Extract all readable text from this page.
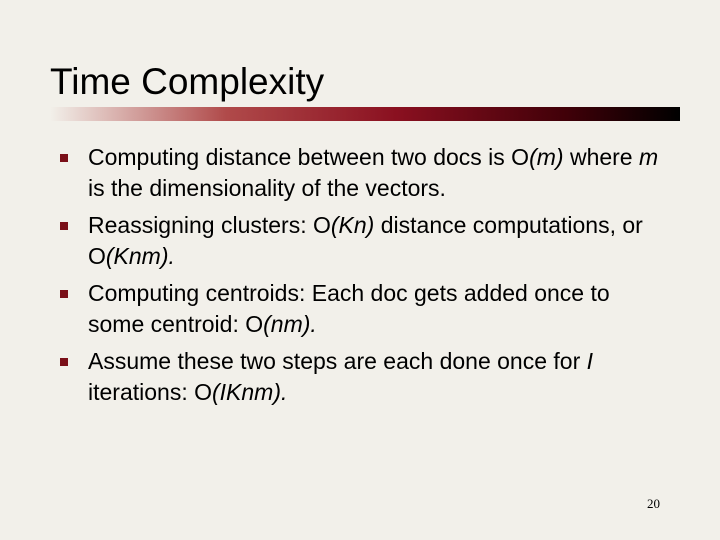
Time Complexity
Computing distance between two docs is O(m) where m is the dimensionality of the vectors.
Reassigning clusters: O(Kn) distance computations, or O(Knm).
Computing centroids: Each doc gets added once to some centroid: O(nm).
Assume these two steps are each done once for I iterations: O(IKnm).
20
